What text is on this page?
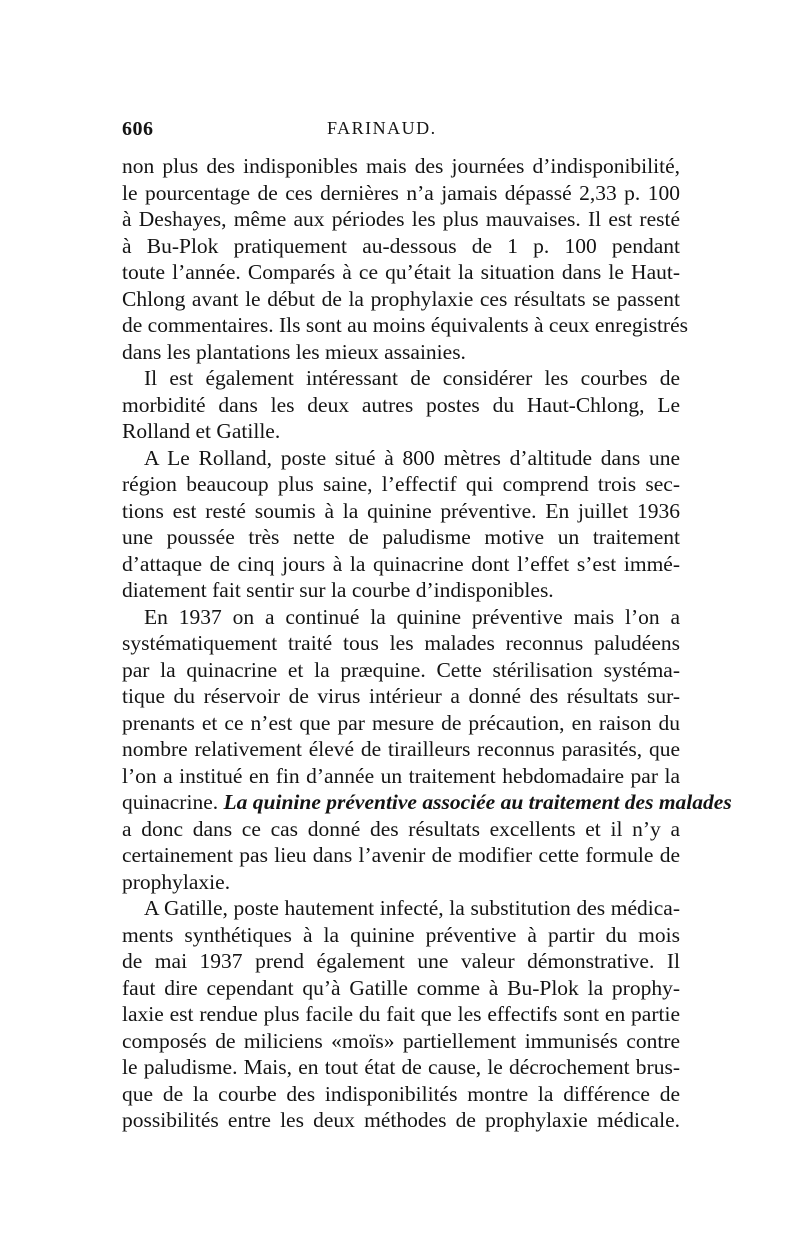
606	FARINAUD.
non plus des indisponibles mais des journées d’indisponibilité,
le pourcentage de ces dernières n’a jamais dépassé 2,33 p. 100
à Deshayes, même aux périodes les plus mauvaises. Il est resté
à Bu-Plok pratiquement au-dessous de 1 p. 100 pendant
toute l’année. Comparés à ce qu’était la situation dans le Haut-
Chlong avant le début de la prophylaxie ces résultats se passent
de commentaires. Ils sont au moins équivalents à ceux enregistrés
dans les plantations les mieux assainies.
Il est également intéressant de considérer les courbes de
morbidité dans les deux autres postes du Haut-Chlong, Le
Rolland et Gatille.
A Le Rolland, poste situé à 800 mètres d’altitude dans une
région beaucoup plus saine, l’effectif qui comprend trois sec-
tions est resté soumis à la quinine préventive. En juillet 1936
une poussée très nette de paludisme motive un traitement
d’attaque de cinq jours à la quinacrine dont l’effet s’est immé-
diatement fait sentir sur la courbe d’indisponibles.
En 1937 on a continué la quinine préventive mais l’on a
systématiquement traité tous les malades reconnus paludéens
par la quinacrine et la præquine. Cette stérilisation systéma-
tique du réservoir de virus intérieur a donné des résultats sur-
prenants et ce n’est que par mesure de précaution, en raison du
nombre relativement élevé de tirailleurs reconnus parasités, que
l’on a institué en fin d’année un traitement hebdomadaire par la
quinacrine. La quinine préventive associée au traitement des malades
a donc dans ce cas donné des résultats excellents et il n’y a
certainement pas lieu dans l’avenir de modifier cette formule de
prophylaxie.
A Gatille, poste hautement infecté, la substitution des médica-
ments synthétiques à la quinine préventive à partir du mois
de mai 1937 prend également une valeur démonstrative. Il
faut dire cependant qu’à Gatille comme à Bu-Plok la prophy-
laxie est rendue plus facile du fait que les effectifs sont en partie
composés de miliciens «moïs» partiellement immunisés contre
le paludisme. Mais, en tout état de cause, le décrochement brus-
que de la courbe des indisponibilités montre la différence de
possibilités entre les deux méthodes de prophylaxie médicale.
